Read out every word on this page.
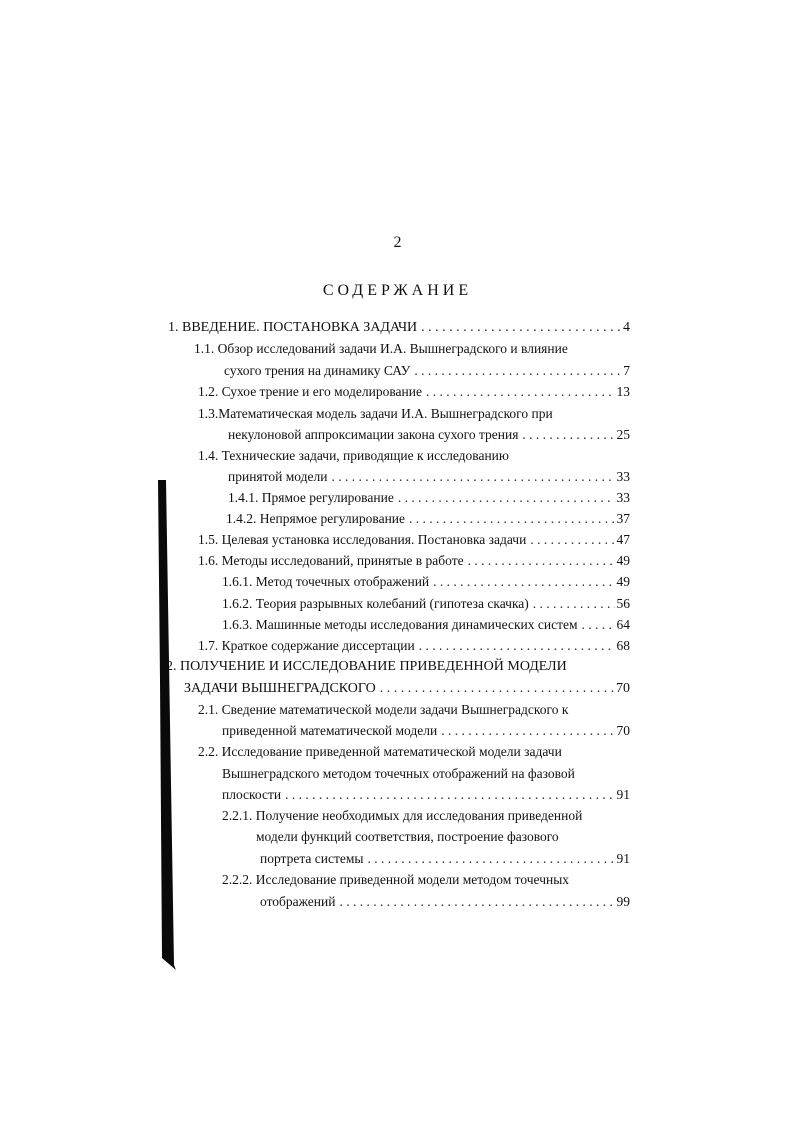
2
СОДЕРЖАНИЕ
1. ВВЕДЕНИЕ. ПОСТАНОВКА ЗАДАЧИ . . .	4
1.1. Обзор исследований задачи И.А. Вышнеградского и влияние
сухого трения на динамику САУ . . .	7
1.2. Сухое трение и его моделирование . . .	13
1.3.Математическая модель задачи И.А. Вышнеградского при
некулоновой аппроксимации закона сухого трения . . .	25
1.4. Технические задачи, приводящие к исследованию
принятой модели . . .	33
1.4.1. Прямое регулирование . . .	33
1.4.2. Непрямое регулирование . . .	37
1.5. Целевая установка исследования. Постановка задачи . . .	47
1.6. Методы исследований, принятые в работе . . .	49
1.6.1. Метод точечных отображений . . .	49
1.6.2. Теория разрывных колебаний (гипотеза скачка) . . .	56
1.6.3. Машинные методы исследования динамических систем . . .	64
1.7. Краткое содержание диссертации . . .	68
2. ПОЛУЧЕНИЕ И ИССЛЕДОВАНИЕ ПРИВЕДЕННОЙ МОДЕЛИ
ЗАДАЧИ ВЫШНЕГРАДСКОГО . . .	70
2.1. Сведение математической модели задачи Вышнеградского к
приведенной математической модели . . .	70
2.2. Исследование приведенной математической модели задачи
Вышнеградского методом точечных отображений на фазовой
плоскости . . .	91
2.2.1. Получение необходимых для исследования приведенной
модели функций соответствия, построение фазового
портрета системы . . .	91
2.2.2. Исследование приведенной модели методом точечных
отображений . . .	99
